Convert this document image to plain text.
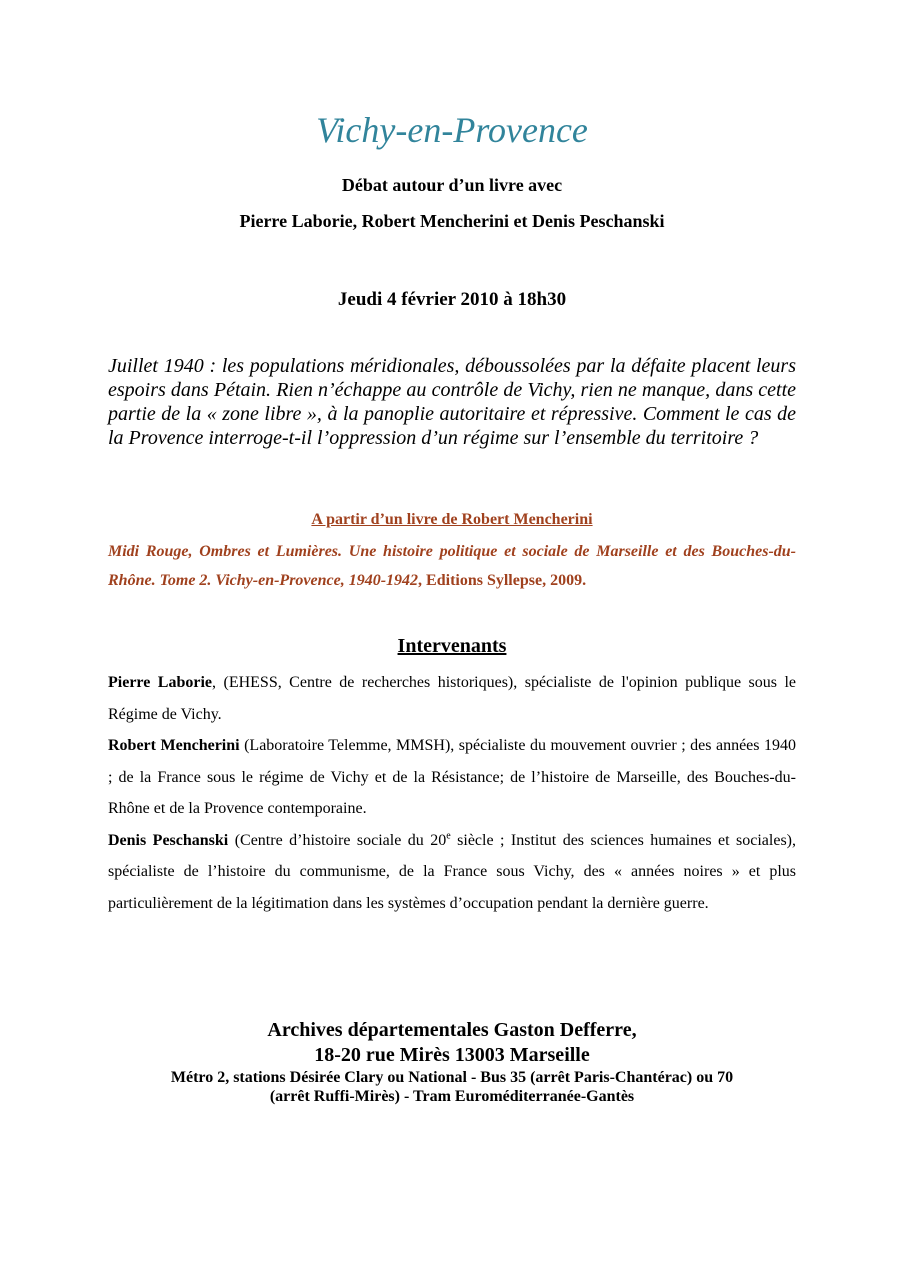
Vichy-en-Provence
Débat autour d’un livre avec
Pierre Laborie, Robert Mencherini et Denis Peschanski
Jeudi 4 février 2010 à 18h30

Juillet 1940 : les populations méridionales, déboussolées par la défaite placent leurs espoirs dans Pétain. Rien n’échappe au contrôle de Vichy, rien ne manque, dans cette partie de la « zone libre », à la panoplie autoritaire et répressive. Comment le cas de la Provence interroge-t-il l’oppression d’un régime sur l’ensemble du territoire ?

A partir d’un livre de Robert Mencherini

Midi Rouge, Ombres et Lumières. Une histoire politique et sociale de Marseille et des Bouches-du-Rhône. Tome 2. Vichy-en-Provence, 1940-1942, Editions Syllepse, 2009.

Intervenants

Pierre Laborie, (EHESS, Centre de recherches historiques), spécialiste de l'opinion publique sous le Régime de Vichy.

Robert Mencherini (Laboratoire Telemme, MMSH), spécialiste du mouvement ouvrier ; des années 1940 ; de la France sous le régime de Vichy et de la Résistance; de l’histoire de Marseille, des Bouches-du-Rhône et de la Provence contemporaine.

Denis Peschanski (Centre d’histoire sociale du 20e siècle ; Institut des sciences humaines et sociales), spécialiste de l’histoire du communisme, de la France sous Vichy, des « années noires » et plus particulièrement de la légitimation dans les systèmes d’occupation pendant la dernière guerre.

Archives départementales Gaston Defferre,
18-20 rue Mirès 13003 Marseille
Métro 2, stations Désirée Clary ou National - Bus 35 (arrêt Paris-Chantérac) ou 70
(arrêt Ruffi-Mirès) - Tram Euroméditerranée-Gantès
